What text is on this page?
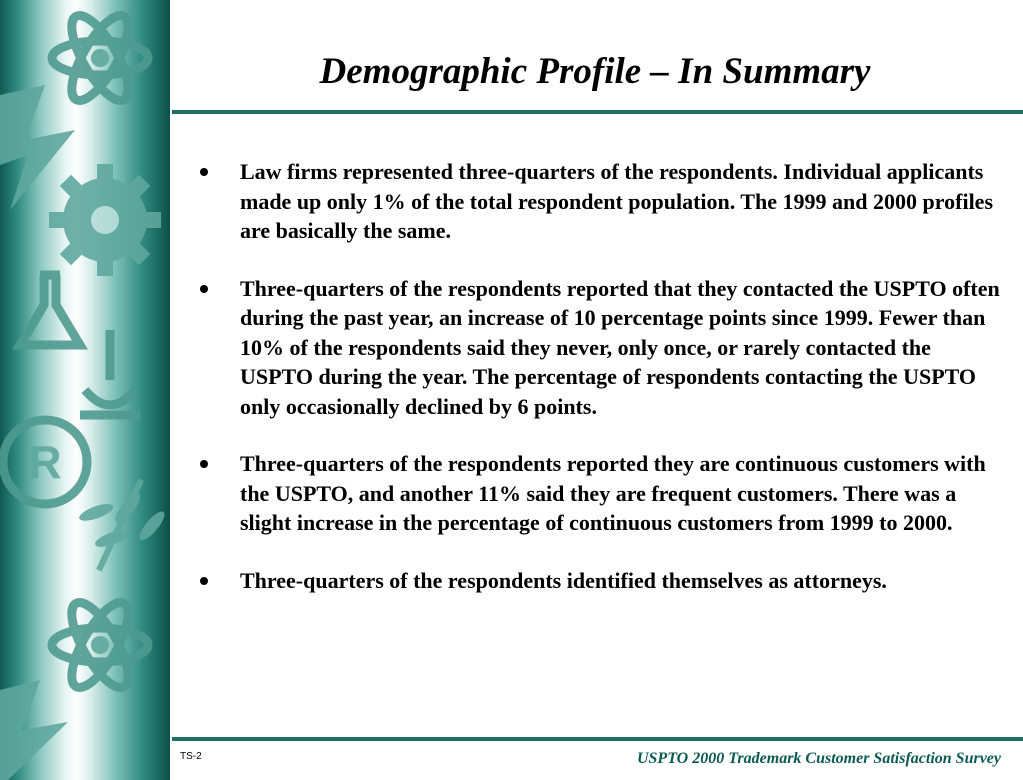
R
Demographic Profile – In Summary
Law firms represented three-quarters of the respondents. Individual applicants made up only 1% of the total respondent population. The 1999 and 2000 profiles are basically the same.
Three-quarters of the respondents reported that they contacted the USPTO often during the past year, an increase of 10 percentage points since 1999. Fewer than 10% of the respondents said they never, only once, or rarely contacted the USPTO during the year. The percentage of respondents contacting the USPTO only occasionally declined by 6 points.
Three-quarters of the respondents reported they are continuous customers with the USPTO, and another 11% said they are frequent customers. There was a slight increase in the percentage of continuous customers from 1999 to 2000.
Three-quarters of the respondents identified themselves as attorneys.
TS-2	USPTO 2000 Trademark Customer Satisfaction Survey
